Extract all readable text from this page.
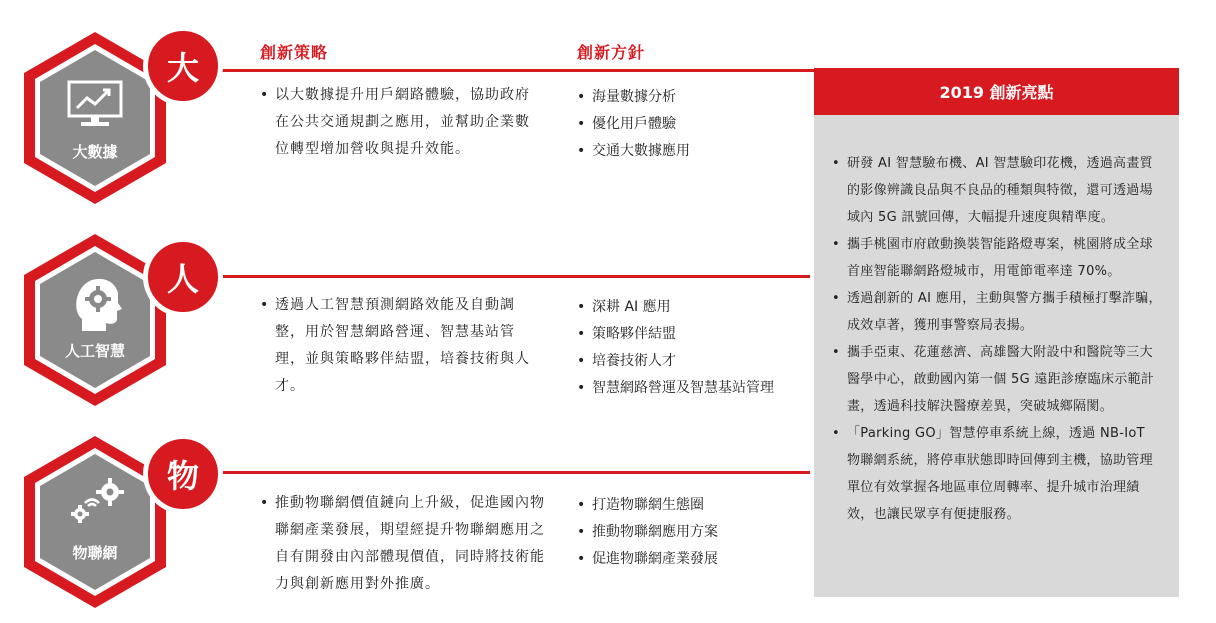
創新策略	創新方針
大數據
大
• 以大數據提升用戶網路體驗，協助政府在公共交通規劃之應用，並幫助企業數位轉型增加營收與提升效能。
• 海量數據分析
• 優化用戶體驗
• 交通大數據應用
人工智慧
人
• 透過人工智慧預測網路效能及自動調整，用於智慧網路營運、智慧基站管理，並與策略夥伴結盟，培養技術與人才。
• 深耕 AI 應用
• 策略夥伴結盟
• 培養技術人才
• 智慧網路營運及智慧基站管理
物聯網
物
• 推動物聯網價值鏈向上升級，促進國內物聯網產業發展，期望經提升物聯網應用之自有開發由內部體現價值，同時將技術能力與創新應用對外推廣。
• 打造物聯網生態圈
• 推動物聯網應用方案
• 促進物聯網產業發展
2019 創新亮點
• 研發 AI 智慧驗布機、AI 智慧驗印花機，透過高畫質的影像辨識良品與不良品的種類與特徵，還可透過場域內 5G 訊號回傳，大幅提升速度與精準度。
• 攜手桃園市府啟動換裝智能路燈專案，桃園將成全球首座智能聯網路燈城市，用電節電率達 70%。
• 透過創新的 AI 應用，主動與警方攜手積極打擊詐騙，成效卓著，獲刑事警察局表揚。
• 攜手亞東、花蓮慈濟、高雄醫大附設中和醫院等三大醫學中心，啟動國內第一個 5G 遠距診療臨床示範計畫，透過科技解決醫療差異，突破城鄉隔閡。
• 「Parking GO」智慧停車系統上線，透過 NB-IoT 物聯網系統，將停車狀態即時回傳到主機，協助管理單位有效掌握各地區車位周轉率、提升城市治理績效，也讓民眾享有便捷服務。
